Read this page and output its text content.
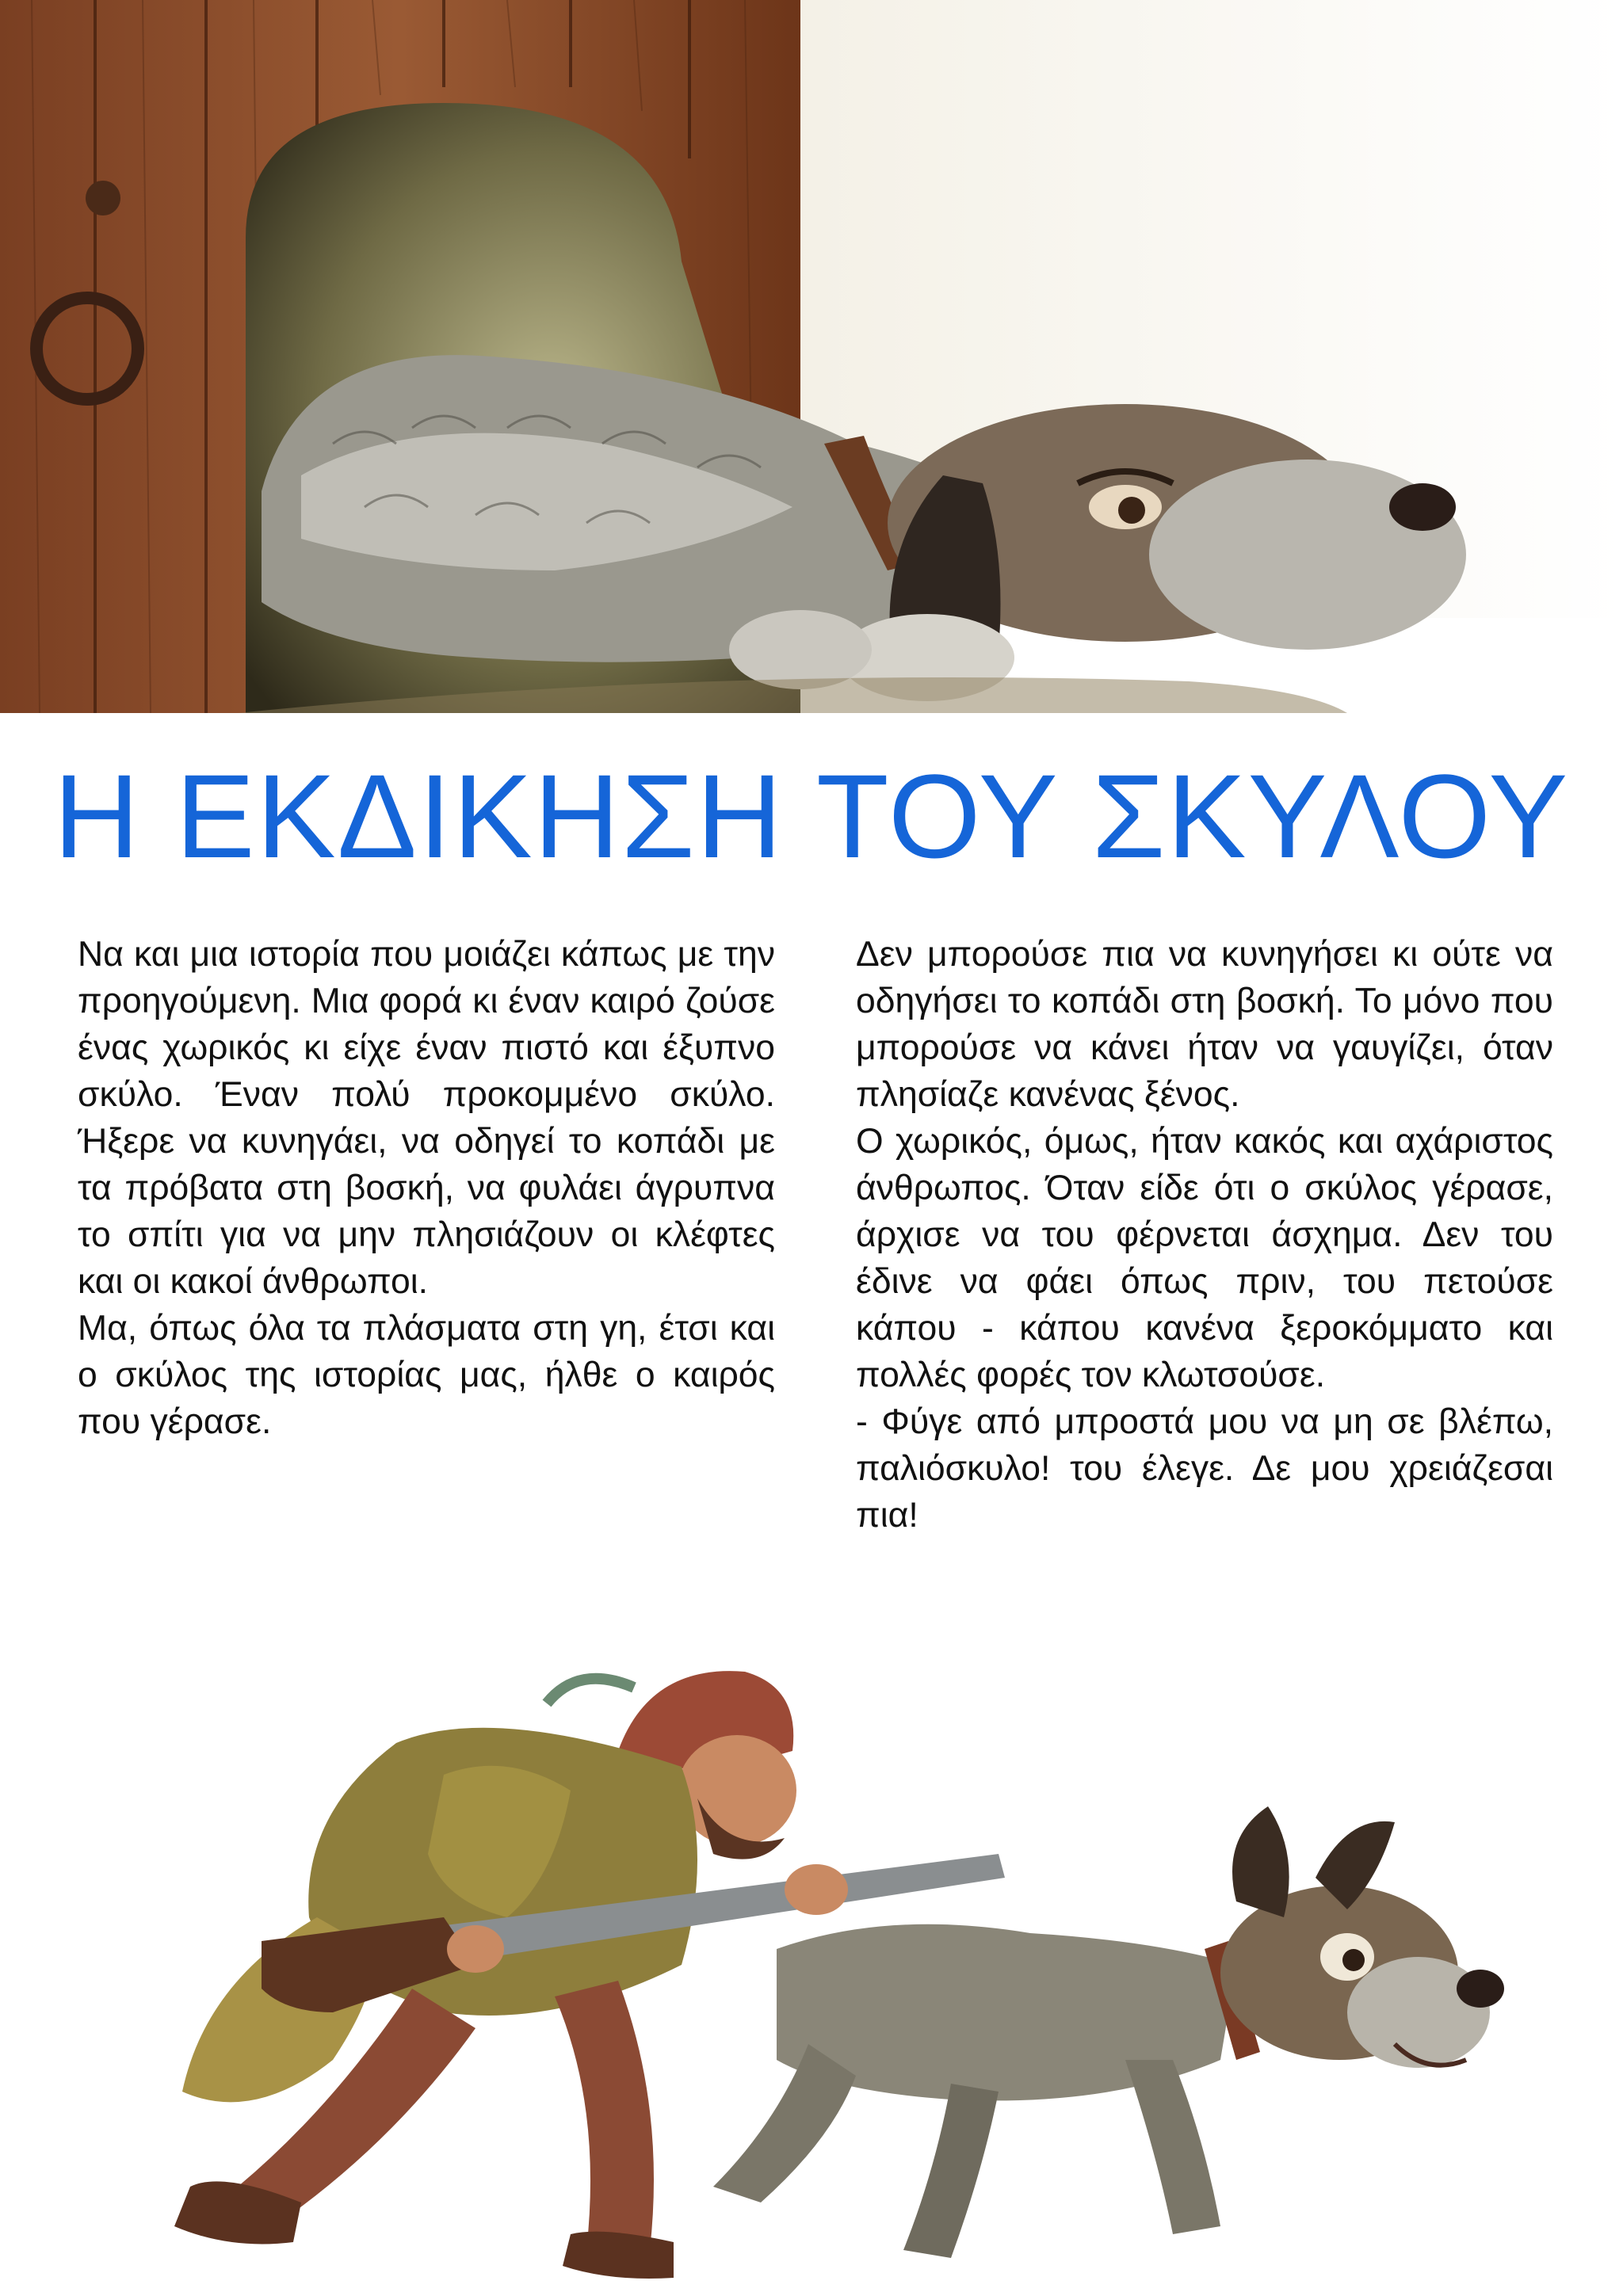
Η ΕΚΔΙΚΗΣΗ ΤΟΥ ΣΚΥΛΟΥ

Να και μια ιστορία που μοιάζει κάπως με την προηγούμενη. Μια φορά κι έναν καιρό ζούσε ένας χωρικός κι είχε έναν πιστό και έξυπνο σκύλο. Έναν πολύ προκομμένο σκύλο. Ήξερε να κυνηγάει, να οδηγεί το κοπάδι με τα πρόβατα στη βοσκή, να φυλάει άγρυπνα το σπίτι για να μην πλησιάζουν οι κλέφτες και οι κακοί άνθρωποι.

Μα, όπως όλα τα πλάσματα στη γη, έτσι και ο σκύλος της ιστορίας μας, ήλθε ο καιρός που γέρασε.

Δεν μπορούσε πια να κυνηγήσει κι ούτε να οδηγήσει το κοπάδι στη βοσκή. Το μόνο που μπορούσε να κάνει ήταν να γαυγίζει, όταν πλησίαζε κανένας ξένος.

Ο χωρικός, όμως, ήταν κακός και αχάριστος άνθρωπος. Όταν είδε ότι ο σκύλος γέρασε, άρχισε να του φέρνεται άσχημα. Δεν του έδινε να φάει όπως πριν, του πετούσε κάπου - κάπου κανένα ξεροκόμματο και πολλές φορές τον κλωτσούσε.

- Φύγε από μπροστά μου να μη σε βλέπω, παλιόσκυλο! του έλεγε. Δε μου χρειάζεσαι πια!
